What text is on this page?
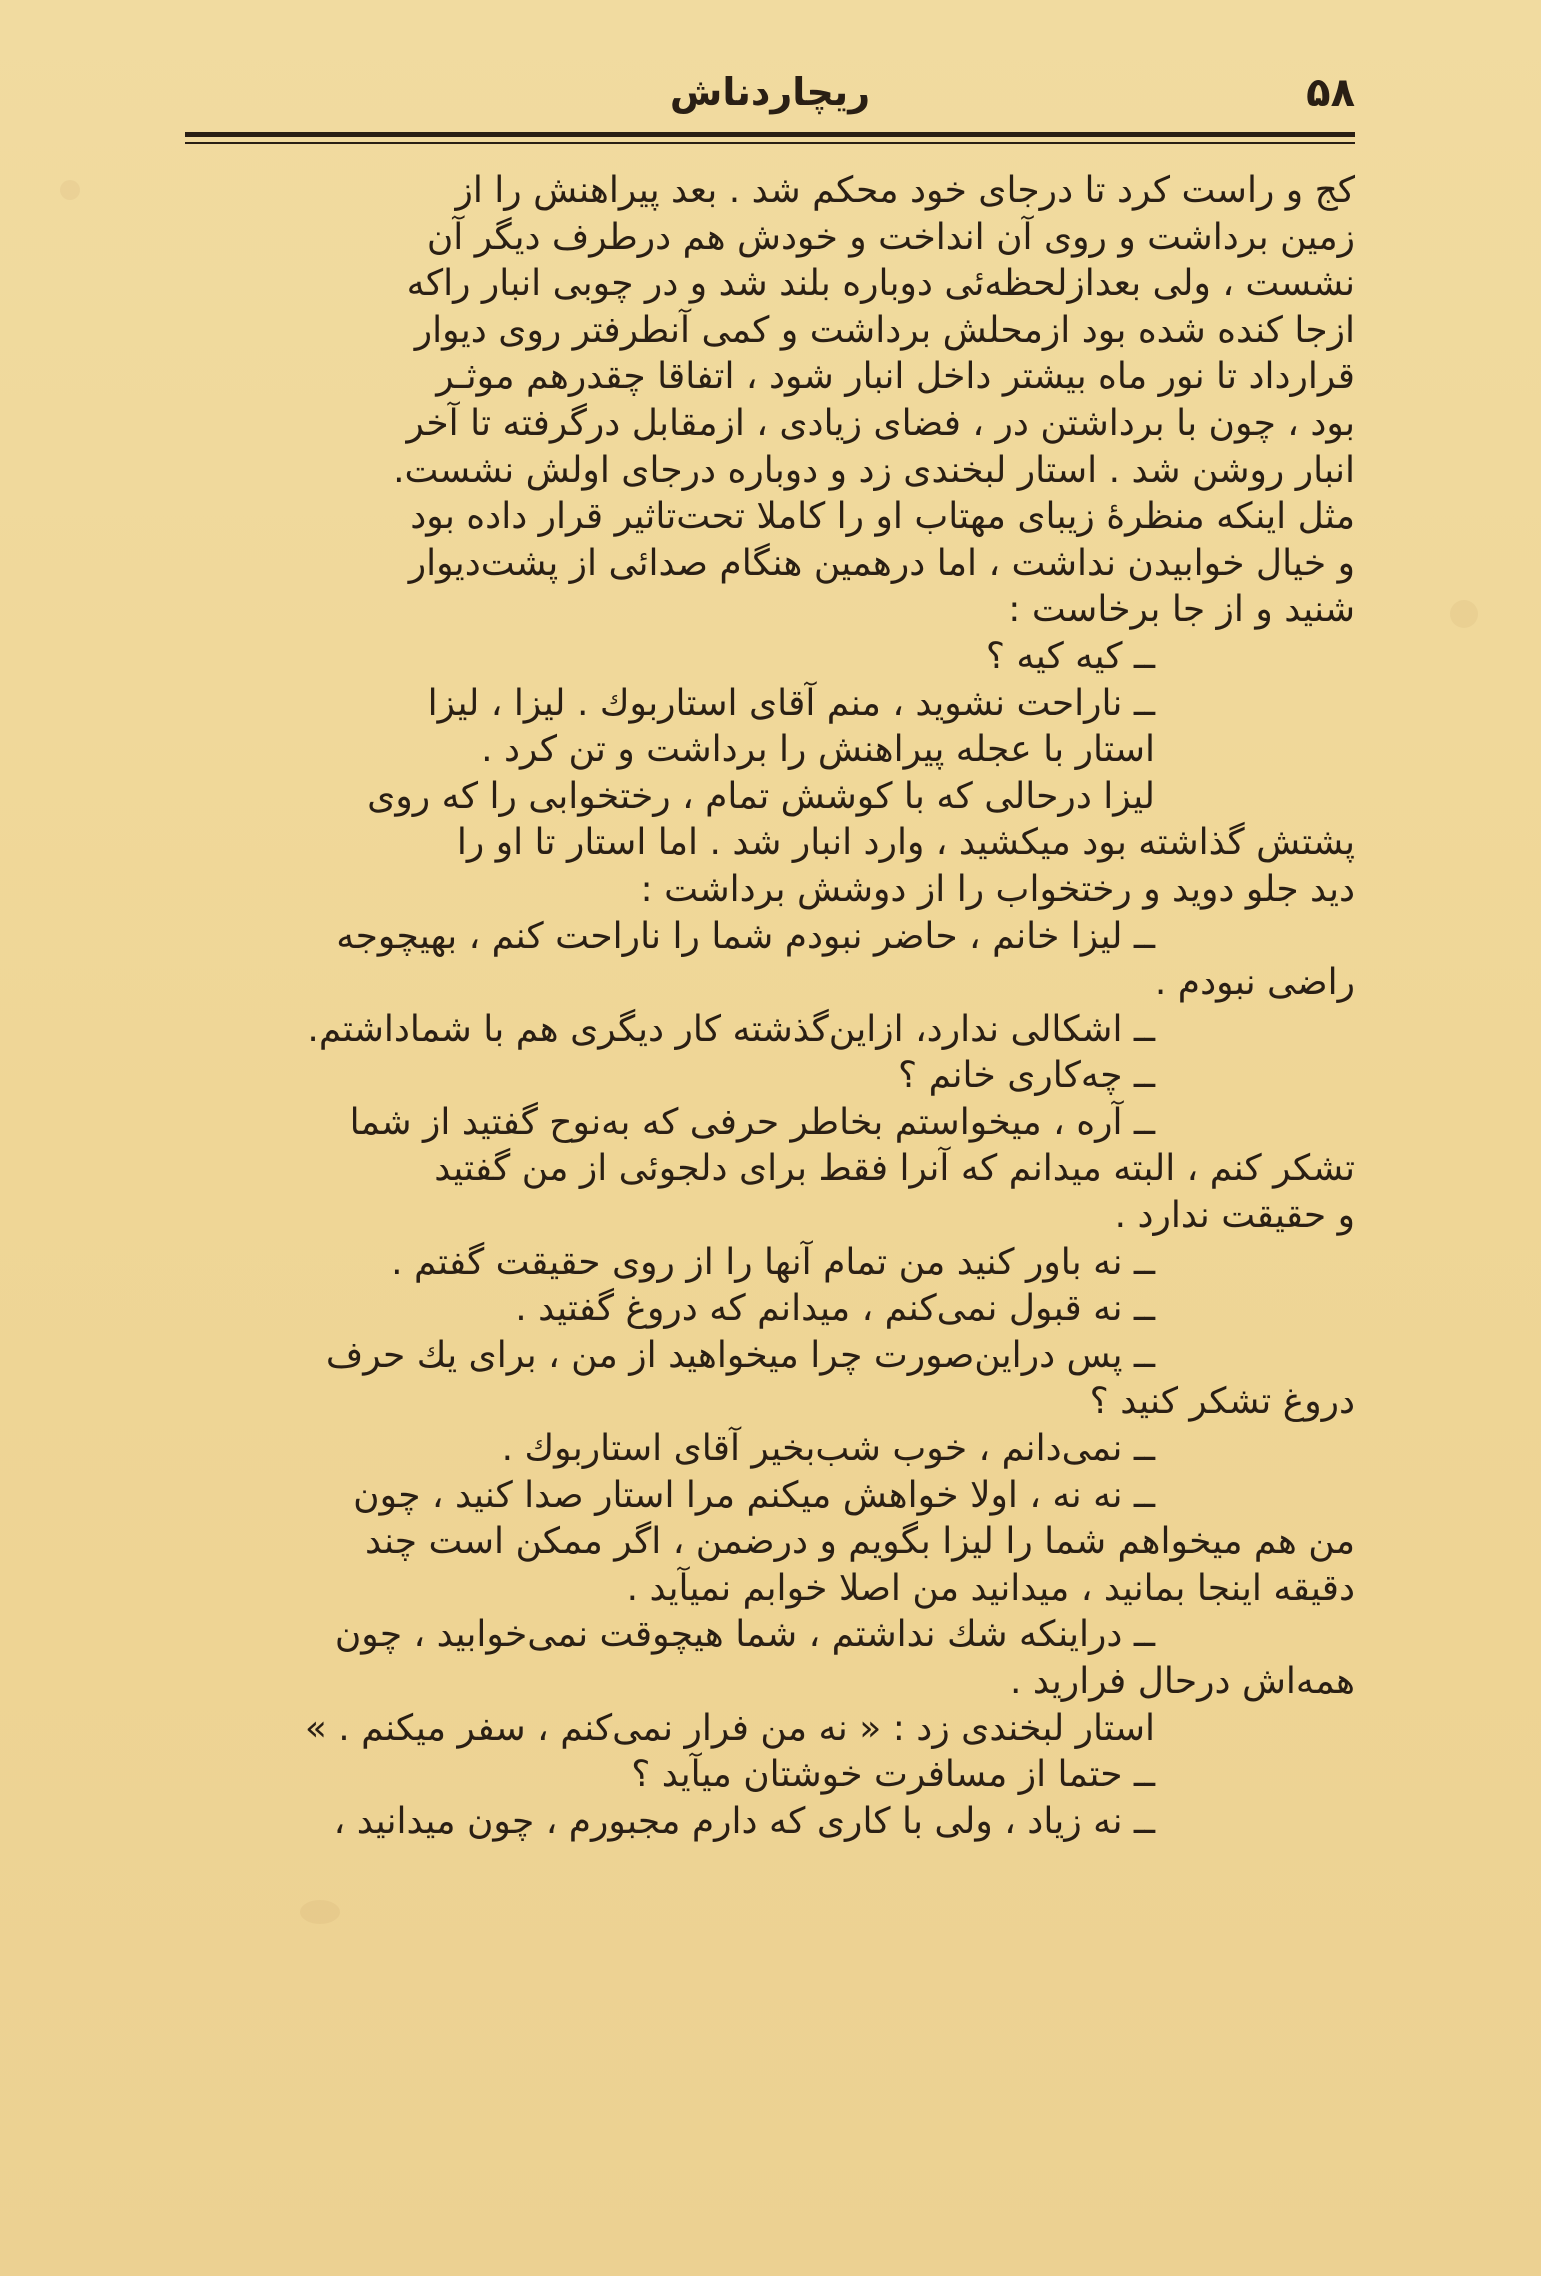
۵۸
ریچاردناش
کج و راست کرد تا درجای خود محکم شد . بعد پیراهنش را از
زمین برداشت و روی آن انداخت و خودش هم درطرف دیگر آن
نشست ، ولی بعدازلحظه‌ئی دوباره بلند شد و در چوبی انبار راکه
ازجا کنده شده بود ازمحلش برداشت و کمی آنطرفتر روی دیوار
قرارداد تا نور ماه بیشتر داخل انبار شود ، اتفاقا چقدرهم موثـر
بود ، چون با برداشتن در ، فضای زیادی ، ازمقابل درگرفته تا آخر
انبار روشن شد . استار لبخندی زد و دوباره درجای اولش نشست.
مثل اینکه منظرهٔ زیبای مهتاب او را کاملا تحت‌تاثیر قرار داده بود
و خیال خوابیدن نداشت ، اما درهمین هنگام صدائی از پشت‌دیوار
شنید و از جا برخاست :
ــ کیه کیه ؟
ــ ناراحت نشوید ، منم آقای استاربوك . لیزا ، لیزا
استار با عجله پیراهنش را برداشت و تن کرد .
لیزا درحالی که با کوشش تمام ، رختخوابی را که روی
پشتش گذاشته بود میکشید ، وارد انبار شد . اما استار تا او را
دید جلو دوید و رختخواب را از دوشش برداشت :
ــ لیزا خانم ، حاضر نبودم شما را ناراحت کنم ، بهیچوجه
راضی نبودم .
ــ اشکالی ندارد، ازاین‌گذشته کار دیگری هم با شماداشتم.
ــ چه‌کاری خانم ؟
ــ آره ، میخواستم بخاطر حرفی که به‌نوح گفتید از شما
تشکر کنم ، البته میدانم که آنرا فقط برای دلجوئی از من گفتید
و حقیقت ندارد .
ــ نه باور کنید من تمام آنها را از روی حقیقت گفتم .
ــ نه قبول نمی‌کنم ، میدانم که دروغ گفتید .
ــ پس دراین‌صورت چرا میخواهید از من ، برای یك حرف
دروغ تشکر کنید ؟
ــ نمی‌دانم ، خوب شب‌بخیر آقای استاربوك .
ــ نه نه ، اولا خواهش میکنم مرا استار صدا کنید ، چون
من هم میخواهم شما را لیزا بگویم و درضمن ، اگر ممکن است چند
دقیقه اینجا بمانید ، میدانید من اصلا خوابم نمیآید .
ــ دراینکه شك نداشتم ، شما هیچوقت نمی‌خوابید ، چون
همه‌اش درحال فرارید .
استار لبخندی زد : « نه من فرار نمی‌کنم ، سفر میکنم . »
ــ حتما از مسافرت خوشتان میآید ؟
ــ نه زیاد ، ولی با کاری که دارم مجبورم ، چون میدانید ،
